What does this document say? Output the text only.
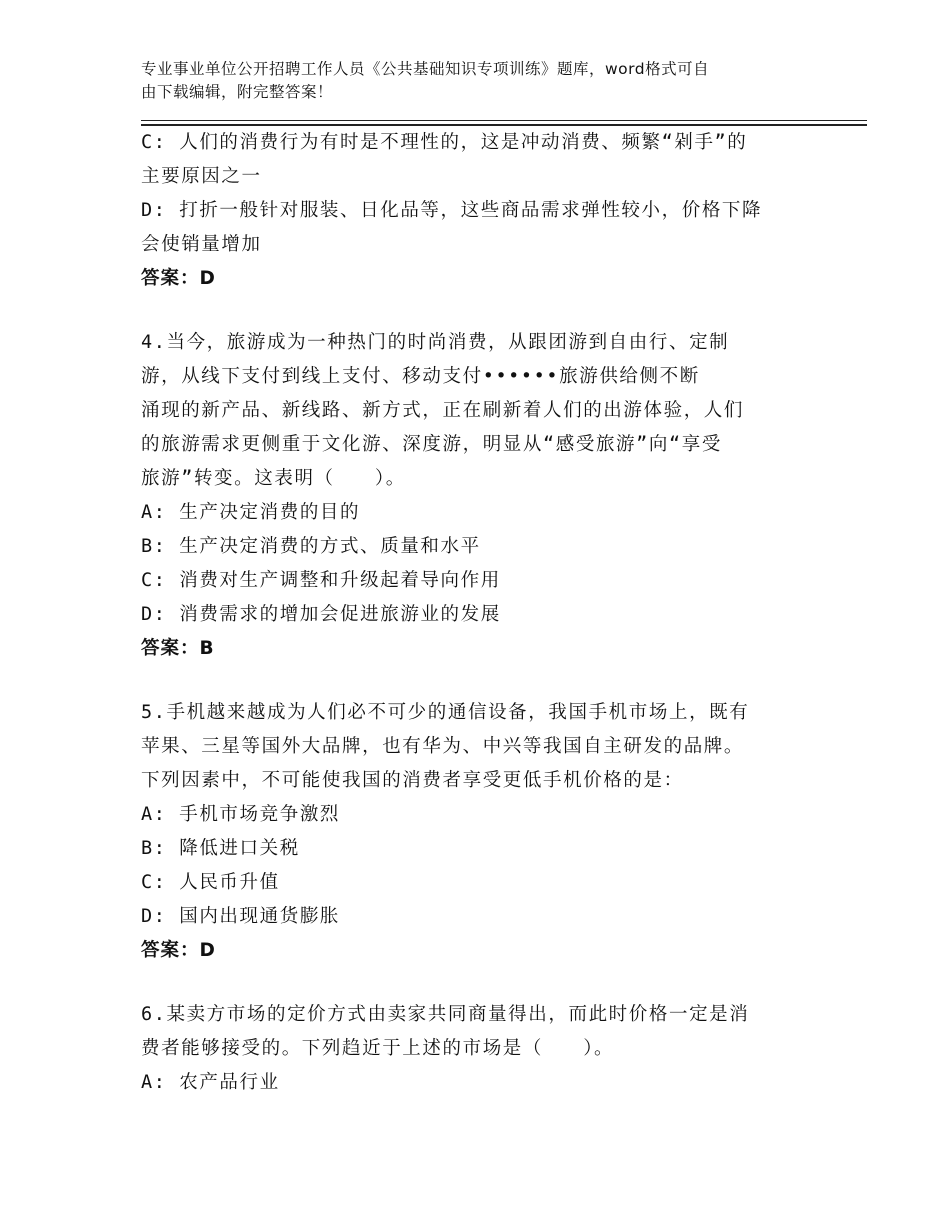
专业事业单位公开招聘工作人员《公共基础知识专项训练》题库，word格式可自
由下载编辑，附完整答案！
C: 人们的消费行为有时是不理性的，这是冲动消费、频繁“剁手”的
主要原因之一
D: 打折一般针对服装、日化品等，这些商品需求弹性较小，价格下降
会使销量增加
答案：D
4.当今，旅游成为一种热门的时尚消费，从跟团游到自由行、定制
游，从线下支付到线上支付、移动支付••••••旅游供给侧不断
涌现的新产品、新线路、新方式，正在刷新着人们的出游体验，人们
的旅游需求更侧重于文化游、深度游，明显从“感受旅游”向“享受
旅游”转变。这表明（　　）。
A: 生产决定消费的目的
B: 生产决定消费的方式、质量和水平
C: 消费对生产调整和升级起着导向作用
D: 消费需求的增加会促进旅游业的发展
答案：B
5.手机越来越成为人们必不可少的通信设备，我国手机市场上，既有
苹果、三星等国外大品牌，也有华为、中兴等我国自主研发的品牌。
下列因素中，不可能使我国的消费者享受更低手机价格的是：
A: 手机市场竞争激烈
B: 降低进口关税
C: 人民币升值
D: 国内出现通货膨胀
答案：D
6.某卖方市场的定价方式由卖家共同商量得出，而此时价格一定是消
费者能够接受的。下列趋近于上述的市场是（　　）。
A: 农产品行业
